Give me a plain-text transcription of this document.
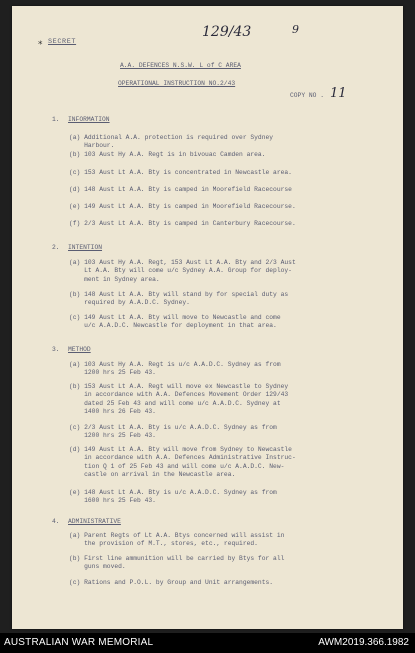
129/43	9
* SECRET
A.A. DEFENCES N.S.W. L of C AREA
OPERATIONAL INSTRUCTION NO.2/43
COPY NO . 11
1. INFORMATION
(a) Additional A.A. protection is required over Sydney
Harbour.
(b) 103 Aust Hy A.A. Regt is in bivouac Camden area.
(c) 153 Aust Lt A.A. Bty is concentrated in Newcastle area.
(d) 148 Aust Lt A.A. Bty is camped in Moorefield Racecourse
(e) 149 Aust Lt A.A. Bty is camped in Moorefield Racecourse.
(f) 2/3 Aust Lt A.A. Bty is camped in Canterbury Racecourse.
2. INTENTION
(a) 103 Aust Hy A.A. Regt, 153 Aust Lt A.A. Bty and 2/3 Aust
Lt A.A. Bty will come u/c Sydney A.A. Group for deploy-
ment in Sydney area.
(b) 148 Aust Lt A.A. Bty will stand by for special duty as
required by A.A.D.C. Sydney.
(c) 149 Aust Lt A.A. Bty will move to Newcastle and come
u/c A.A.D.C. Newcastle for deployment in that area.
3. METHOD
(a) 103 Aust Hy A.A. Regt is u/c A.A.D.C. Sydney as from
1200 hrs 25 Feb 43.
(b) 153 Aust Lt A.A. Regt will move ex Newcastle to Sydney
in accordance with A.A. Defences Movement Order 129/43
dated 25 Feb 43 and will come u/c A.A.D.C. Sydney at
1400 hrs 26 Feb 43.
(c) 2/3 Aust Lt A.A. Bty is u/c A.A.D.C. Sydney as from
1200 hrs 25 Feb 43.
(d) 149 Aust Lt A.A. Bty will move from Sydney to Newcastle
in accordance with A.A. Defences Administrative Instruc-
tion Q 1 of 25 Feb 43 and will come u/c A.A.D.C. New-
castle on arrival in the Newcastle area.
(e) 148 Aust Lt A.A. Bty is u/c A.A.D.C. Sydney as from
1600 hrs 25 Feb 43.
4. ADMINISTRATIVE
(a) Parent Regts of Lt A.A. Btys concerned will assist in
the provision of M.T., stores, etc., required.
(b) First line ammunition will be carried by Btys for all
guns moved.
(c) Rations and P.O.L. by Group and Unit arrangements.
AUSTRALIAN WAR MEMORIAL	AWM2019.366.1982
